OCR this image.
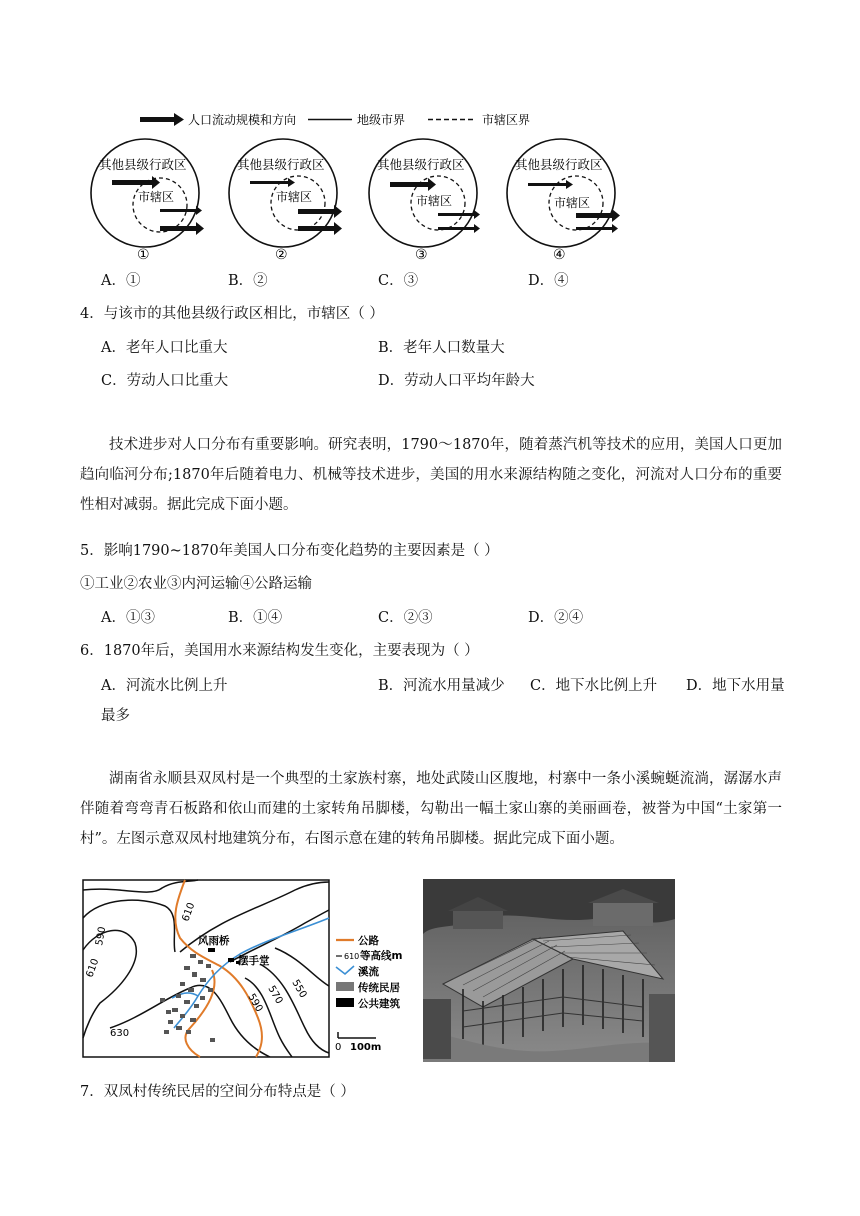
人口流动规模和方向	地级市界	市辖区界
其他县级行政区
市辖区
①
其他县级行政区
市辖区
②
其他县级行政区
市辖区
③
其他县级行政区
市辖区
④
A．①	B．②	C．③	D．④
4．与该市的其他县级行政区相比，市辖区（ ）
A．老年人口比重大	B．老年人口数量大
C．劳动人口比重大	D．劳动人口平均年龄大
技术进步对人口分布有重要影响。研究表明，1790～1870年，随着蒸汽机等技术的应用，美国人口更加趋向临河分布;1870年后随着电力、机械等技术进步，美国的用水来源结构随之变化，河流对人口分布的重要性相对减弱。据此完成下面小题。
5．影响1790~1870年美国人口分布变化趋势的主要因素是（ ）
①工业②农业③内河运输④公路运输
A．①③	B．①④	C．②③	D．②④
6．1870年后，美国用水来源结构发生变化，主要表现为（ ）
A．河流水比例上升	B．河流水用量减少 C．地下水比例上升 D．地下水用量
最多
湖南省永顺县双凤村是一个典型的土家族村寨，地处武陵山区腹地，村寨中一条小溪蜿蜒流淌，潺潺水声伴随着弯弯青石板路和依山而建的土家转角吊脚楼，勾勒出一幅土家山寨的美丽画卷，被誉为中国“土家第一村”。左图示意双凤村地建筑分布，右图示意在建的转角吊脚楼。据此完成下面小题。
610
590
610
630
590 570 550
风雨桥
摆手堂
公路
610 等高线m
溪流
传统民居
公共建筑
0 100m
7．双凤村传统民居的空间分布特点是（ ）
